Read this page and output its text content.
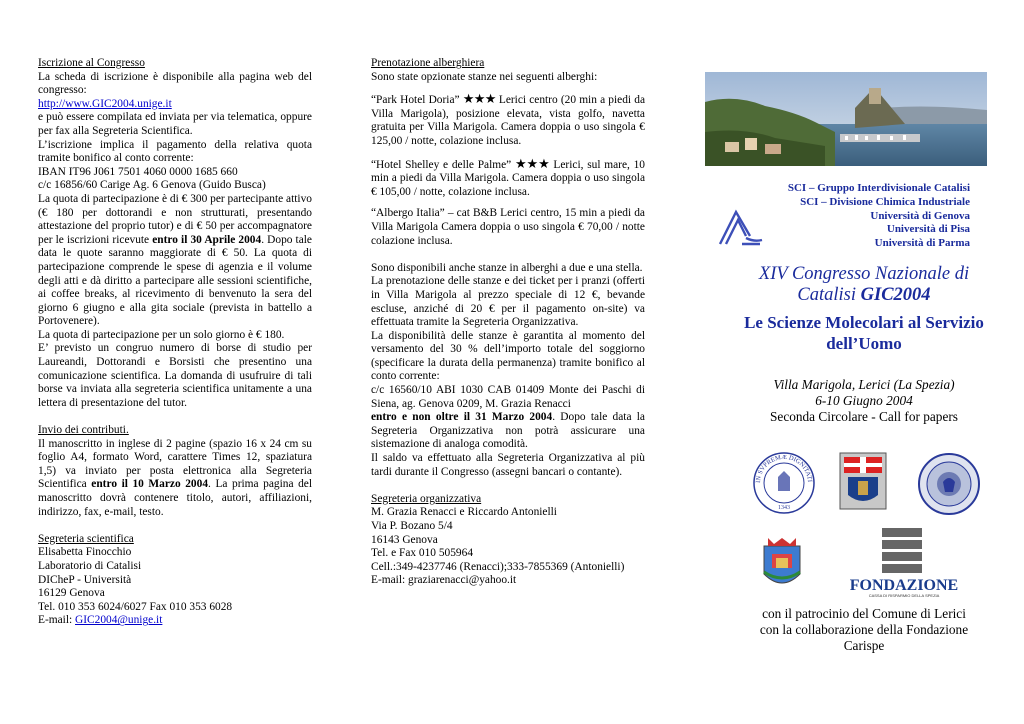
Iscrizione al Congresso

La scheda di iscrizione è disponibile alla pagina web del congresso:

http://www.GIC2004.unige.it

e può essere compilata ed inviata per via telematica, oppure per fax alla Segreteria Scientifica.

L’iscrizione implica il pagamento della relativa quota tramite bonifico al conto corrente:

IBAN IT96 J061 7501 4060 0000 1685 660

c/c 16856/60 Carige Ag. 6 Genova (Guido Busca)

La quota di partecipazione è di € 300 per partecipante attivo (€ 180 per dottorandi e non strutturati, presentando attestazione del proprio tutor) e di € 50 per accompagnatore per le iscrizioni ricevute entro il 30 Aprile 2004. Dopo tale data le quote saranno maggiorate di € 50. La quota di partecipazione comprende le spese di agenzia e il volume degli atti e dà diritto a partecipare alle sessioni scientifiche, ai coffee breaks, al ricevimento di benvenuto la sera del giorno 6 giugno e alla gita sociale (prevista in battello a Portovenere).

La quota di partecipazione per un solo giorno è € 180.

E’ previsto un congruo numero di borse di studio per Laureandi, Dottorandi e Borsisti che presentino una comunicazione scientifica. La domanda di usufruire di tali borse va inviata alla segreteria scientifica unitamente a una lettera di presentazione del tutor.

Invio dei contributi.

Il manoscritto in inglese di 2 pagine (spazio 16 x 24 cm su foglio A4, formato Word, carattere Times 12, spaziatura 1,5) va inviato per posta elettronica alla Segreteria Scientifica entro il 10 Marzo 2004. La prima pagina del manoscritto dovrà contenere titolo, autori, affiliazioni, indirizzo, fax, e-mail, testo.

Segreteria scientifica

Elisabetta Finocchio

Laboratorio di Catalisi

DICheP - Università

16129 Genova

Tel. 010 353 6024/6027 Fax 010 353 6028

E-mail: GIC2004@unige.it

Prenotazione alberghiera

Sono state opzionate stanze nei seguenti alberghi:

“Park Hotel Doria” ★★★ Lerici centro (20 min a piedi da Villa Marigola), posizione elevata, vista golfo, navetta gratuita per Villa Marigola. Camera doppia o uso singola € 125,00 / notte, colazione inclusa.

“Hotel Shelley e delle Palme” ★★★ Lerici, sul mare, 10 min a piedi da Villa Marigola. Camera doppia o uso singola € 105,00 / notte, colazione inclusa.

“Albergo Italia” – cat B&B Lerici centro, 15 min a piedi da Villa Marigola Camera doppia o uso singola € 70,00 / notte colazione inclusa.

Sono disponibili anche stanze in alberghi a due e una stella.

La prenotazione delle stanze e dei ticket per i pranzi (offerti in Villa Marigola al prezzo speciale di 12 €, bevande escluse, anziché di 20 € per il pagamento on-site) va effettuata tramite la Segreteria Organizzativa.

La disponibilità delle stanze è garantita al momento del versamento del 30 % dell’importo totale del soggiorno (specificare la durata della permanenza) tramite bonifico al conto corrente:

c/c 16560/10 ABI 1030 CAB 01409 Monte dei Paschi di Siena, ag. Genova 0209, M. Grazia Renacci

entro e non oltre il 31 Marzo 2004. Dopo tale data la Segreteria Organizzativa non potrà assicurare una sistemazione di analoga comodità.

Il saldo va effettuato alla Segreteria Organizzativa al più tardi durante il Congresso (assegni bancari o contante).

Segreteria organizzativa

M. Grazia Renacci e Riccardo Antonielli

Via P. Bozano 5/4

16143 Genova

Tel. e Fax 010 505964

Cell.:349-4237746 (Renacci);333-7855369 (Antonielli)

E-mail: graziarenacci@yahoo.it

SCI – Gruppo Interdivisionale Catalisi
SCI – Divisione Chimica Industriale
Università di Genova
Università di Pisa
Università di Parma
XIV Congresso Nazionale di
Catalisi GIC2004
Le Scienze Molecolari al Servizio dell’Uomo
Villa Marigola, Lerici (La Spezia)
6-10 Giugno 2004
Seconda Circolare - Call for papers
IN SVPREMÆ DIGNITATI
1343
FONDAZIONE
CASSA DI RISPARMIO DELLA SPEZIA
con il patrocinio del Comune di Lerici
con la collaborazione della Fondazione
Carispe
